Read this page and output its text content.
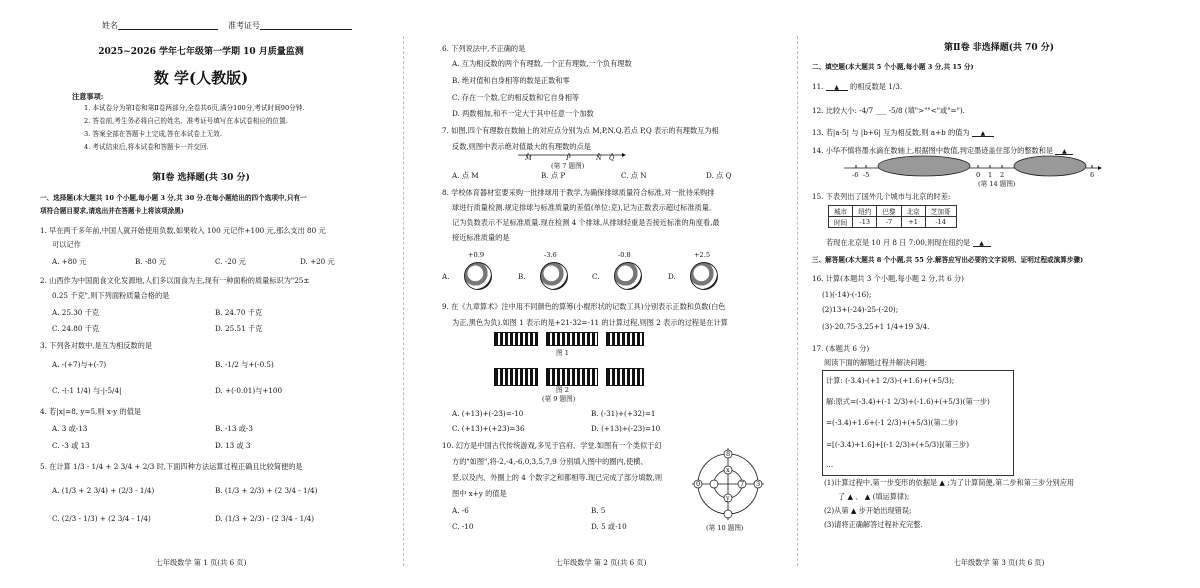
姓名	准考证号
2025~2026 学年七年级第一学期 10 月质量监测
数 学(人教版)
注意事项:
1. 本试卷分为第Ⅰ卷和第Ⅱ卷两部分,全卷共6页,满分100分,考试时间90分钟.
2. 答卷前,考生务必将自己的姓名、准考证号填写在本试卷相应的位置.
3. 答案全部在答题卡上完成,答在本试卷上无效.
4. 考试结束后,将本试卷和答题卡一并交回.
第Ⅰ卷 选择题(共 30 分)
一、选择题(本大题共 10 个小题,每小题 3 分,共 30 分.在每小题给出的四个选项中,只有一
项符合题目要求,请选出并在答题卡上将该项涂黑)
1. 早在两千多年前,中国人就开始使用负数,如果收入 100 元记作+100 元,那么支出 80 元
可以记作
A. +80 元	B. -80 元	C. -20 元	D. +20 元
2. 山西作为中国面食文化发源地,人们多以面食为主,现有一种面粉的质量标识为"25±
0.25 千克",则下列面粉质量合格的是
A. 25.30 千克	B. 24.70 千克
C. 24.80 千克	D. 25.51 千克
3. 下列各对数中,是互为相反数的是
A. -(+7)与+(-7)	B. -1/2 与+(-0.5)
C. -(-1 1/4) 与-|-5/4|	D. +(-0.01)与+100
4. 若|x|=8, y=5,则 x-y 的值是
A. 3 或-13	B. -13 或-3
C. -3 或 13	D. 13 或 3
5. 在计算 1/3 - 1/4 + 2 3/4 + 2/3 时,下面四种方法运算过程正确且比较简便的是
A. (1/3 + 2 3/4) + (2/3 - 1/4)	B. (1/3 + 2/3) + (2 3/4 - 1/4)
C. (2/3 - 1/3) + (2 3/4 - 1/4)	D. (1/3 + 2/3) - (2 3/4 - 1/4)
七年级数学 第 1 页(共 6 页)
6. 下列说法中,不正确的是
A. 互为相反数的两个有理数,一个正有理数,一个负有理数
B. 绝对值和自身相等的数是正数和零
C. 存在一个数,它的相反数和它自身相等
D. 两数相加,和不一定大于其中任意一个加数
7. 如图,四个有理数在数轴上的对应点分别为点 M,P,N,Q,若点 P,Q 表示的有理数互为相
反数,则图中表示绝对值最大的有理数的点是
M	P	N Q
(第 7 题图)
A. 点 M	B. 点 P	C. 点 N	D. 点 Q
8. 学校体育器材室要采购一批排球用于教学,为确保排球质量符合标准,对一批待采购排
球进行质量检测.规定排球与标准质量的差值(单位:克),记为正数表示超过标准质量,
记为负数表示不足标准质量.现在检测 4 个排球,从排球轻重是否接近标准的角度看,最
接近标准质量的是
+0.9	-3.6	-0.8	+2.5
A.	B.	C.	D.
9. 在《九章算术》注中用不同颜色的算筹(小棍形状的记数工具)分别表示正数和负数(白色
为正,黑色为负).如图 1 表示的是+21-32=-11 的计算过程,则图 2 表示的过程是在计算
图 1
图 2
(第 9 题图)
A. (+13)+(-23)=-10	B. (-31)+(+32)=1
C. (+13)+(+23)=36	D. (+13)+(-23)=10
10. 幻方是中国古代传统游戏,多见于宫府、学堂.如图有一个类似于幻
方的"如图",将-2,-4,-6,0,3,5,7,9 分别填入图中的圈内,使横、
竖,以及内、外圈上的 4 个数字之和都相等.现已完成了部分填数,则
图中 x+y 的值是
8
x
0	7 3
y
(第 10 题图)
A. -6	B. 5
C. -10	D. 5 或-10
七年级数学 第 2 页(共 6 页)
第Ⅱ卷 非选择题(共 70 分)
二、填空题(本大题共 5 个小题,每小题 3 分,共 15 分)
11. ▲ 的相反数是 1/3.
12. 比较大小: -4/7 ___ -5/8 (填">""<"或"=").
13. 若|a-5| 与 |b+6| 互为相反数,则 a+b 的值为 ▲
14. 小华不慎将墨水滴在数轴上,根据图中数值,判定墨迹盖住部分的整数和是 ▲
-6 -5	0 1 2	6
(第 14 题图)
15. 下表列出了国外几个城市与北京的时差:
城市	纽约	巴黎	北京	芝加哥
时间	-13	-7	+1	-14
若现在北京是 10 月 8 日 7:00,则现在纽约是 ▲
三、解答题(本大题共 8 个小题,共 55 分.解答应写出必要的文字说明、证明过程或演算步骤)
16. 计算(本题共 3 个小题,每小题 2 分,共 6 分)
(1)(-14)-(-16);
(2)13+(-24)-25-(-20);
(3)-20.75-3.25+1 1/4+19 3/4.
17. (本题共 6 分)
阅读下面的解题过程并解决问题:
计算: (-3.4)-(+1 2/3)-(+1.6)+(+5/3);
解:原式=(-3.4)+(-1 2/3)+(-1.6)+(+5/3)(第一步)
=(-3.4)+1.6+(-1 2/3)+(+5/3)(第二步)
=[(-3.4)+1.6]+[(-1 2/3)+(+5/3)](第三步)
…
(1)计算过程中,第一步变形的依据是 ▲ ;为了计算简便,第二步和第三步分别应用
了 ▲ 、 ▲ (填运算律);
(2)从第 ▲ 步开始出现错误;
(3)请将正确解答过程补充完整.
七年级数学 第 3 页(共 6 页)
